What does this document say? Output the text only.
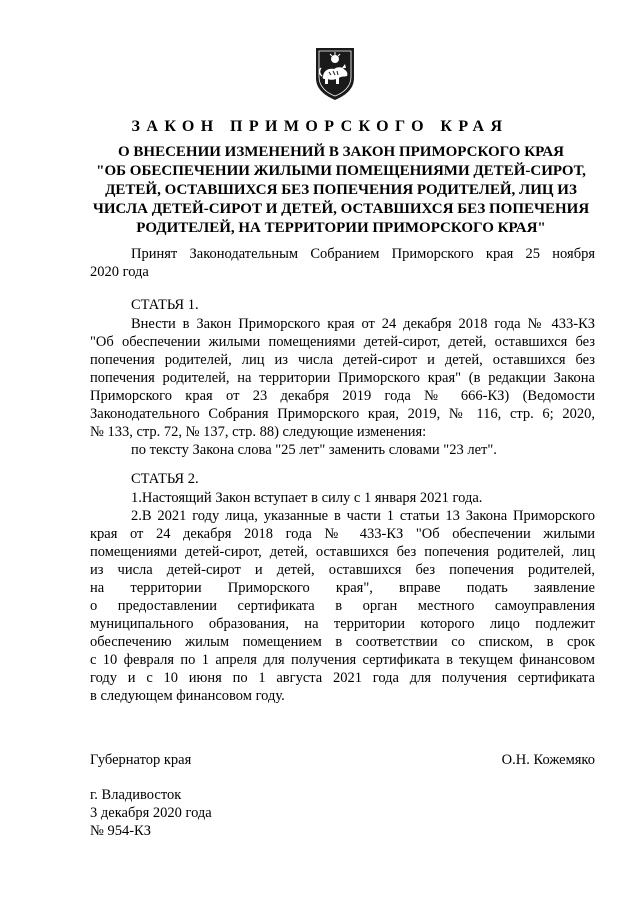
ЗАКОН ПРИМОРСКОГО КРАЯ
О ВНЕСЕНИИ ИЗМЕНЕНИЙ В ЗАКОН ПРИМОРСКОГО КРАЯ
"ОБ ОБЕСПЕЧЕНИИ ЖИЛЫМИ ПОМЕЩЕНИЯМИ ДЕТЕЙ-СИРОТ,
ДЕТЕЙ, ОСТАВШИХСЯ БЕЗ ПОПЕЧЕНИЯ РОДИТЕЛЕЙ, ЛИЦ ИЗ
ЧИСЛА ДЕТЕЙ-СИРОТ И ДЕТЕЙ, ОСТАВШИХСЯ БЕЗ ПОПЕЧЕНИЯ
РОДИТЕЛЕЙ, НА ТЕРРИТОРИИ ПРИМОРСКОГО КРАЯ"
Принят Законодательным Собранием Приморского края 25 ноября
2020 года
СТАТЬЯ 1.
Внести в Закон Приморского края от 24 декабря 2018 года № 433-КЗ
"Об обеспечении жилыми помещениями детей-сирот, детей, оставшихся без
попечения родителей, лиц из числа детей-сирот и детей, оставшихся без
попечения родителей, на территории Приморского края" (в редакции Закона
Приморского края от 23 декабря 2019 года № 666-КЗ) (Ведомости
Законодательного Собрания Приморского края, 2019, № 116, стр. 6; 2020,
№ 133, стр. 72, № 137, стр. 88) следующие изменения:
по тексту Закона слова "25 лет" заменить словами "23 лет".
СТАТЬЯ 2.
1.Настоящий Закон вступает в силу с 1 января 2021 года.
2.В 2021 году лица, указанные в части 1 статьи 13 Закона Приморского
края от 24 декабря 2018 года № 433-КЗ "Об обеспечении жилыми
помещениями детей-сирот, детей, оставшихся без попечения родителей, лиц
из числа детей-сирот и детей, оставшихся без попечения родителей,
на территории Приморского края", вправе подать заявление
о предоставлении сертификата в орган местного самоуправления
муниципального образования, на территории которого лицо подлежит
обеспечению жилым помещением в соответствии со списком, в срок
с 10 февраля по 1 апреля для получения сертификата в текущем финансовом
году и с 10 июня по 1 августа 2021 года для получения сертификата
в следующем финансовом году.
Губернатор края	О.Н. Кожемяко
г. Владивосток
3 декабря 2020 года
№ 954-КЗ
